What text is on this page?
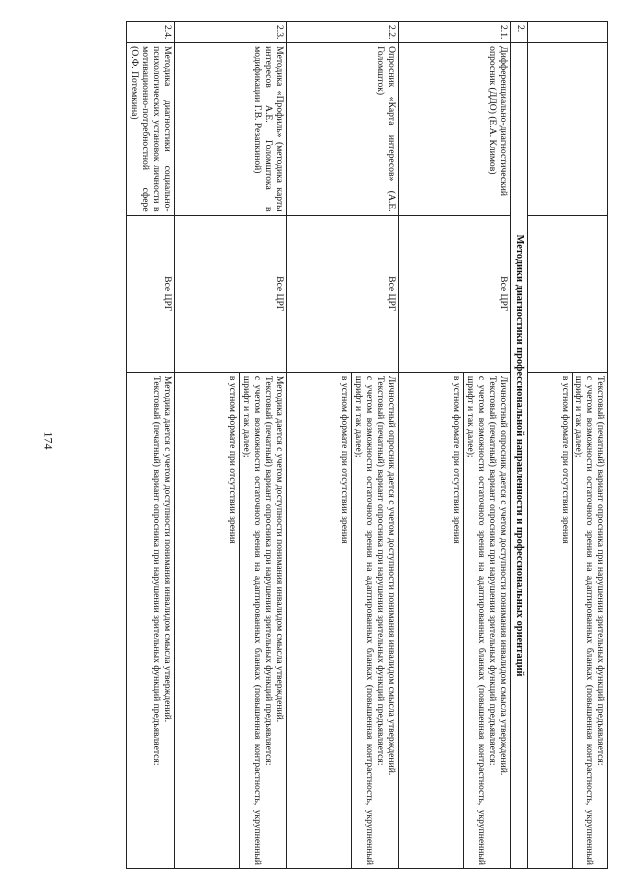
174

			Текстовый (печатный) вариант опросника при нарушении зрительных функций предъявляется:

с учетом возможности остаточного зрения на адаптированных бланках (повышенная контрастность, укрупненный шрифт и так далее);

в устном формате при отсутствии зрения

2.	Методики диагностики профессиональной направленности и профессиональных ориентаций		
2.1.	Дифференциально-диагностический опросник (ДДО) (Е.А. Климов)	Все ЦРГ	Личностный опросник дается с учетом доступности понимания инвалидом смысла утверждений.

Текстовый (печатный) вариант опросника при нарушении зрительных функций предъявляется:

с учетом возможности остаточного зрения на адаптированных бланках (повышенная контрастность, укрупненный шрифт и так далее);

в устном формате при отсутствии зрения

2.2.	Опросник «Карта интересов» (А.Е. Голомшток)	Все ЦРГ	Личностный опросник дается с учетом доступности понимания инвалидом смысла утверждений.

Текстовый (печатный) вариант опросника при нарушении зрительных функций предъявляется:

с учетом возможности остаточного зрения на адаптированных бланках (повышенная контрастность, укрупненный шрифт и так далее);

в устном формате при отсутствии зрения

2.3.	Методика «Профиль» (методика карты интересов А.Е. Голомштока в модификации Г.В. Резапкиной)	Все ЦРГ	Методика дается с учетом доступности понимания инвалидом смысла утверждений.

Текстовый (печатный) вариант опросника при нарушении зрительных функций предъявляется:

с учетом возможности остаточного зрения на адаптированных бланках (повышенная контрастность, укрупненный шрифт и так далее);

в устном формате при отсутствии зрения

2.4.	Методика диагностики социально-психологических установок личности в мотивационно-потребностной сфере (О.Ф. Потемкина)	Все ЦРГ	Методика дается с учетом доступности понимания инвалидом смысла утверждений.

Текстовый (печатный) вариант опросника при нарушении зрительных функций предъявляется:
